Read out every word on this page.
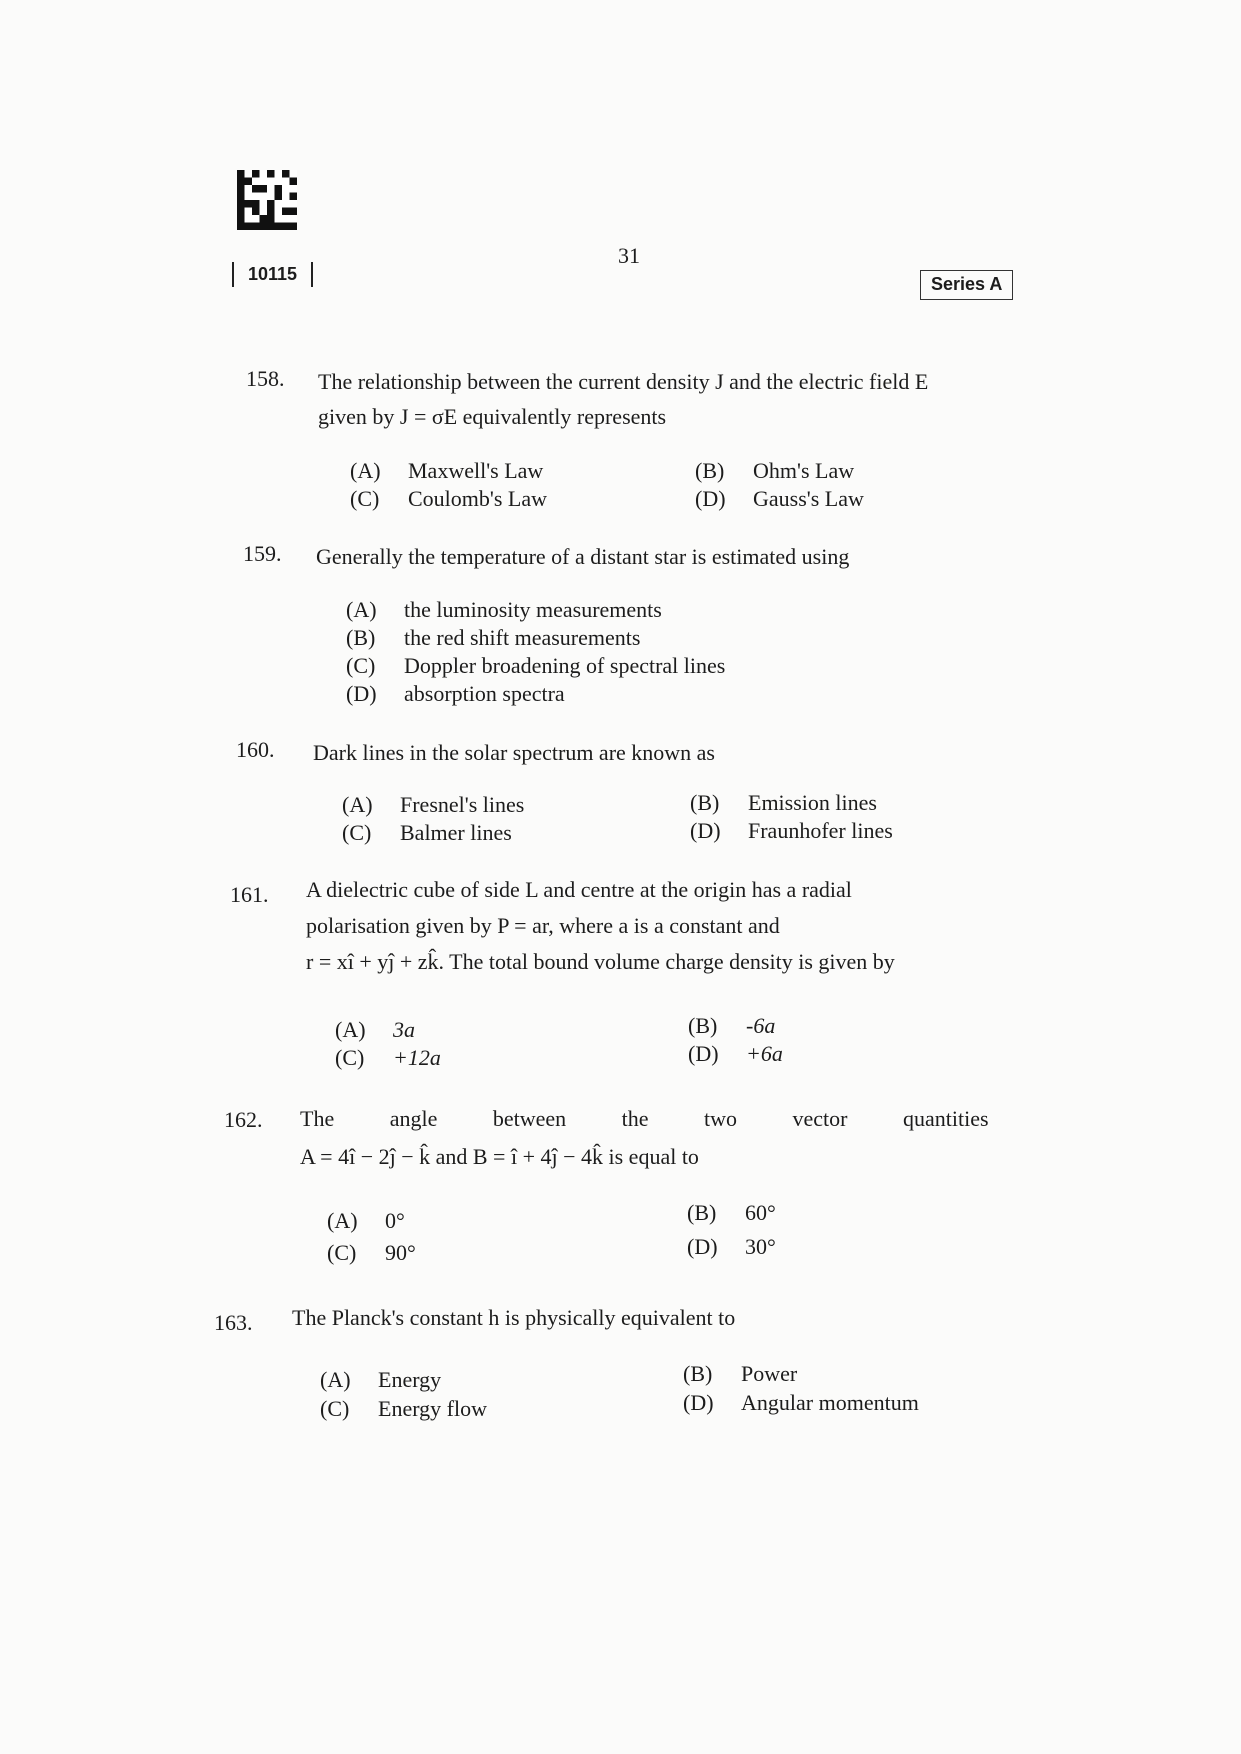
10115
31
Series A
158. The relationship between the current density J and the electric field E
given by J = σE equivalently represents
(A) Maxwell's Law	(B) Ohm's Law
(C) Coulomb's Law	(D) Gauss's Law
159. Generally the temperature of a distant star is estimated using
(A) the luminosity measurements
(B) the red shift measurements
(C) Doppler broadening of spectral lines
(D) absorption spectra
160. Dark lines in the solar spectrum are known as
(A) Fresnel's lines	(B) Emission lines
(C) Balmer lines	(D) Fraunhofer lines
161. A dielectric cube of side L and centre at the origin has a radial
polarisation given by P = ar, where a is a constant and
r = xî + yĵ + zk̂. The total bound volume charge density is given by
(A) 3a	(B) -6a
(C) +12a	(D) +6a
162. The angle between the two vector quantities
A = 4î − 2ĵ − k̂ and B = î + 4ĵ − 4k̂ is equal to
(A) 0°	(B) 60°
(C) 90°	(D) 30°
163. The Planck's constant h is physically equivalent to
(A) Energy	(B) Power
(C) Energy flow	(D) Angular momentum
